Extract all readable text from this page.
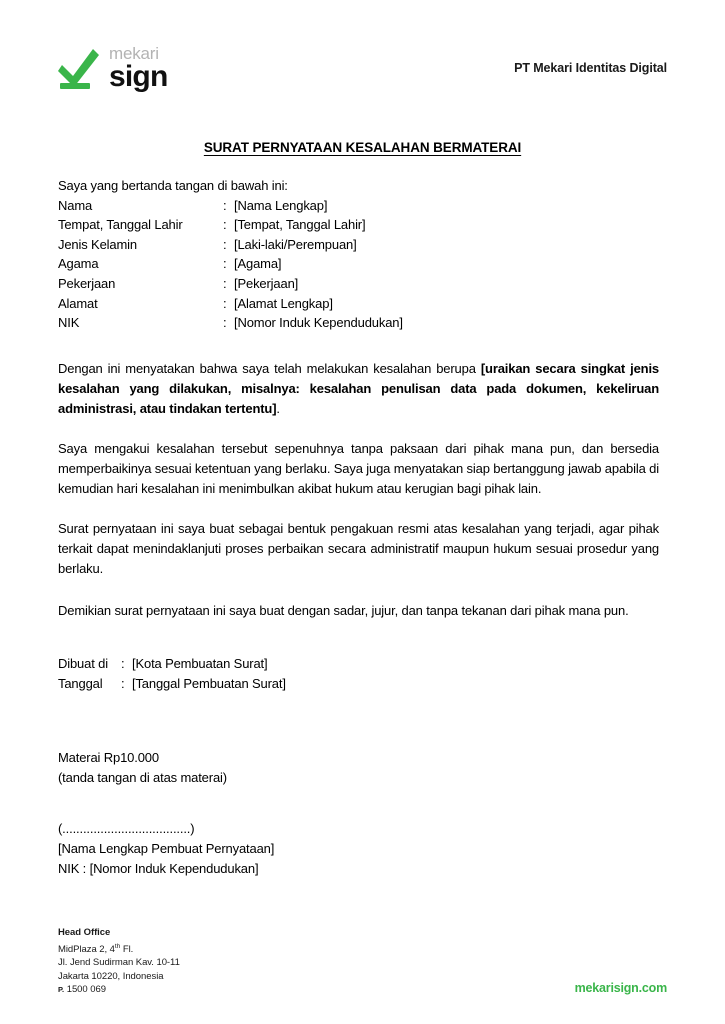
mekari
sign	PT Mekari Identitas Digital
SURAT PERNYATAAN KESALAHAN BERMATERAI
Saya yang bertanda tangan di bawah ini:
Nama	:	[Nama Lengkap]
Tempat, Tanggal Lahir	:	[Tempat, Tanggal Lahir]
Jenis Kelamin	:	[Laki-laki/Perempuan]
Agama	:	[Agama]
Pekerjaan	:	[Pekerjaan]
Alamat	:	[Alamat Lengkap]
NIK	:	[Nomor Induk Kependudukan]
Dengan ini menyatakan bahwa saya telah melakukan kesalahan berupa [uraikan secara singkat jenis kesalahan yang dilakukan, misalnya: kesalahan penulisan data pada dokumen, kekeliruan administrasi, atau tindakan tertentu].
Saya mengakui kesalahan tersebut sepenuhnya tanpa paksaan dari pihak mana pun, dan bersedia memperbaikinya sesuai ketentuan yang berlaku. Saya juga menyatakan siap bertanggung jawab apabila di kemudian hari kesalahan ini menimbulkan akibat hukum atau kerugian bagi pihak lain.
Surat pernyataan ini saya buat sebagai bentuk pengakuan resmi atas kesalahan yang terjadi, agar pihak terkait dapat menindaklanjuti proses perbaikan secara administratif maupun hukum sesuai prosedur yang berlaku.
Demikian surat pernyataan ini saya buat dengan sadar, jujur, dan tanpa tekanan dari pihak mana pun.
Dibuat di	:	[Kota Pembuatan Surat]
Tanggal	:	[Tanggal Pembuatan Surat]
Materai Rp10.000
(tanda tangan di atas materai)
(.....................................)
[Nama Lengkap Pembuat Pernyataan]
NIK : [Nomor Induk Kependudukan]
Head Office
MidPlaza 2, 4th Fl.
Jl. Jend Sudirman Kav. 10-11
Jakarta 10220, Indonesia
P. 1500 069	mekarisign.com
